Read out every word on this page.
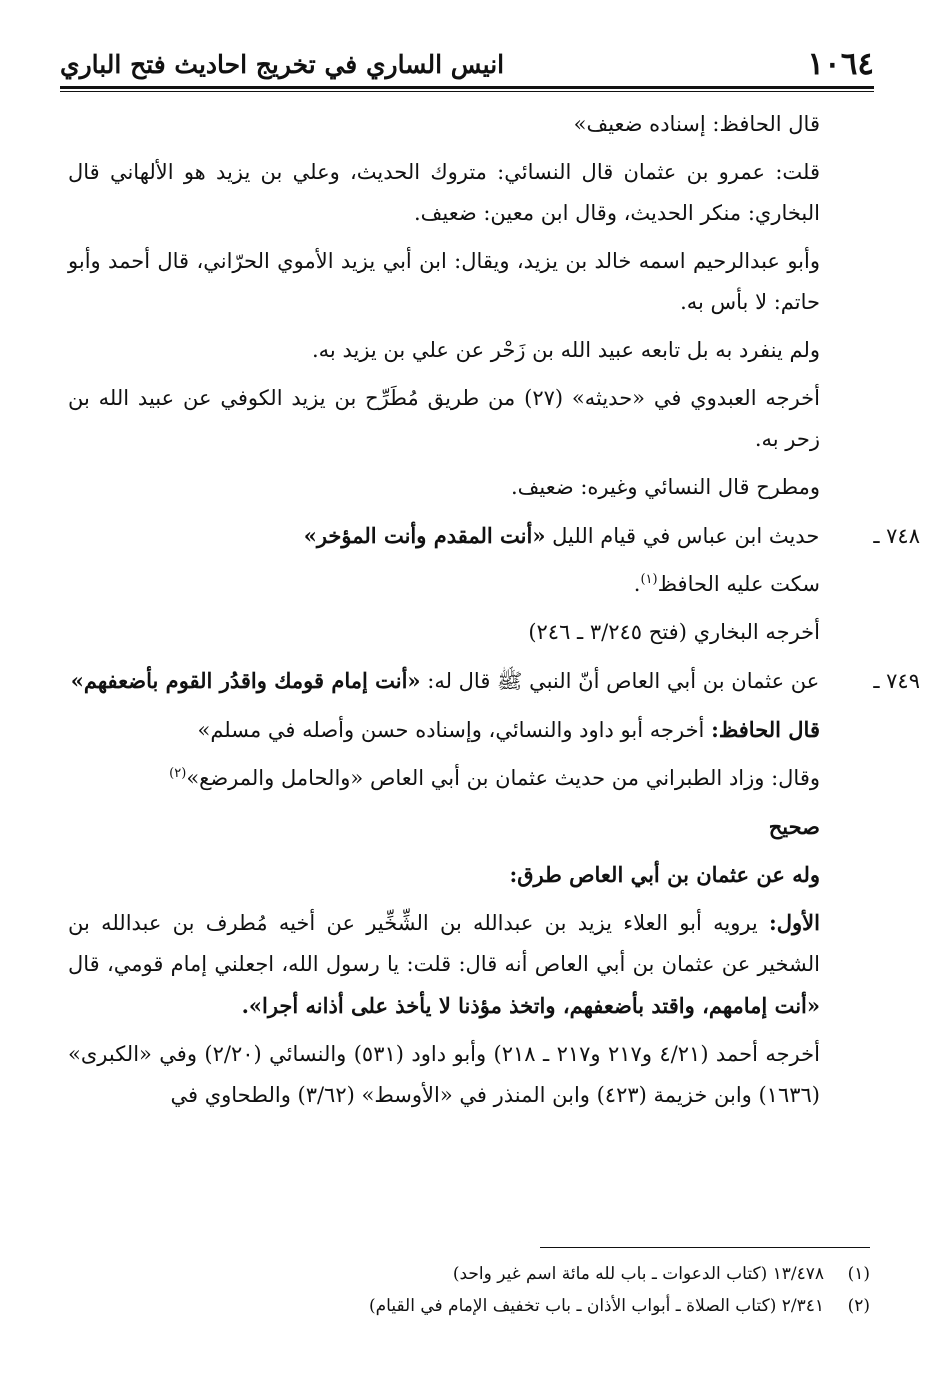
١٠٦٤
انيس الساري في تخريج احاديث فتح الباري

قال الحافظ: إسناده ضعيف»

قلت: عمرو بن عثمان قال النسائي: متروك الحديث، وعلي بن يزيد هو الألهاني قال البخاري: منكر الحديث، وقال ابن معين: ضعيف.

وأبو عبدالرحيم اسمه خالد بن يزيد، ويقال: ابن أبي يزيد الأموي الحرّاني، قال أحمد وأبو حاتم: لا بأس به.

ولم ينفرد به بل تابعه عبيد الله بن زَحْر عن علي بن يزيد به.

أخرجه العبدوي في «حديثه» (٢٧) من طريق مُطَرِّح بن يزيد الكوفي عن عبيد الله بن زحر به.

ومطرح قال النسائي وغيره: ضعيف.

٧٤٨ ـ حديث ابن عباس في قيام الليل «أنت المقدم وأنت المؤخر»

سكت عليه الحافظ$^{(١)}$.

أخرجه البخاري (فتح ٣/٢٤٥ ـ ٢٤٦)

٧٤٩ ـ عن عثمان بن أبي العاص أنّ النبي ﷺ قال له: «أنت إمام قومك واقدُر القوم بأضعفهم»

قال الحافظ: أخرجه أبو داود والنسائي، وإسناده حسن وأصله في مسلم»

وقال: وزاد الطبراني من حديث عثمان بن أبي العاص «والحامل والمرضع»$^{(٢)}$

صحيح

وله عن عثمان بن أبي العاص طرق:

الأول: يرويه أبو العلاء يزيد بن عبدالله بن الشِّخِّير عن أخيه مُطرف بن عبدالله بن الشخير عن عثمان بن أبي العاص أنه قال: قلت: يا رسول الله، اجعلني إمام قومي، قال «أنت إمامهم، واقتد بأضعفهم، واتخذ مؤذنا لا يأخذ على أذانه أجرا».

أخرجه أحمد (٤/٢١ و٢١٧ و٢١٧ ـ ٢١٨) وأبو داود (٥٣١) والنسائي (٢/٢٠) وفي «الكبرى» (١٦٣٦) وابن خزيمة (٤٢٣) وابن المنذر في «الأوسط» (٣/٦٢) والطحاوي في

(١)١٣/٤٧٨ (كتاب الدعوات ـ باب لله مائة اسم غير واحد)
(٢)٢/٣٤١ (كتاب الصلاة ـ أبواب الأذان ـ باب تخفيف الإمام في القيام)
